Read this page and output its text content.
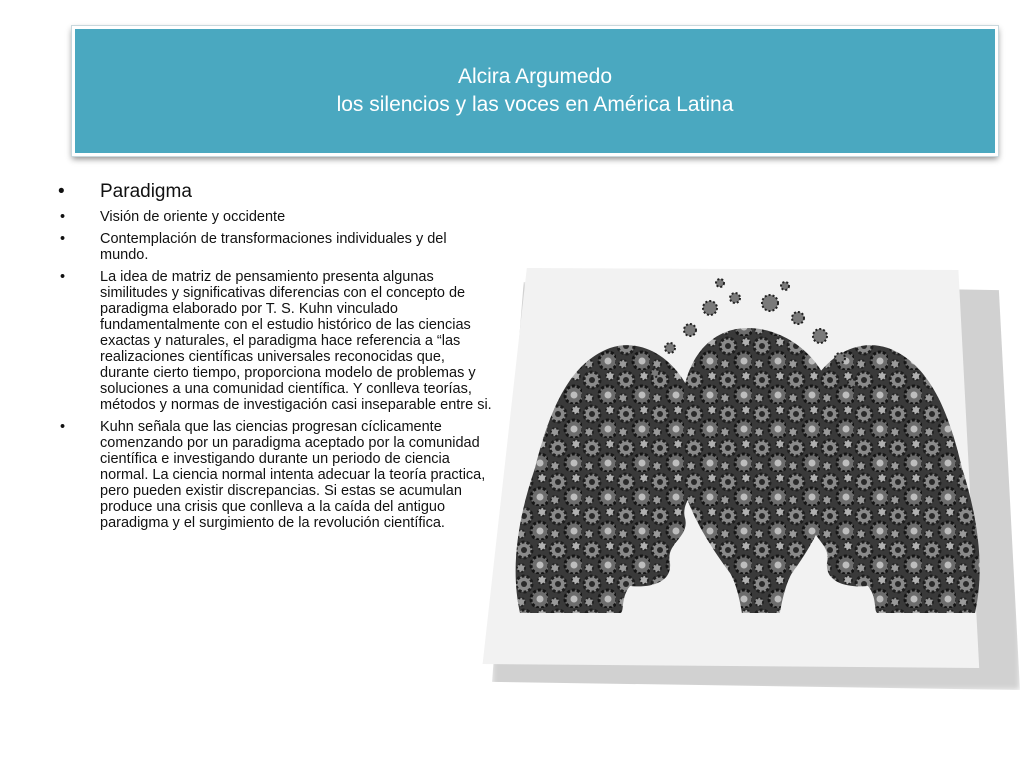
Alcira Argumedo
los silencios y las voces en América Latina
•	Paradigma
•	Visión de oriente y occidente
•	Contemplación de transformaciones individuales y del mundo.
•	La idea de matriz de pensamiento presenta algunas similitudes y significativas diferencias con el concepto de paradigma elaborado por T. S. Kuhn vinculado fundamentalmente con el estudio histórico de las ciencias exactas y naturales, el paradigma hace referencia a “las realizaciones científicas universales reconocidas que, durante cierto tiempo, proporciona modelo de problemas y soluciones a una comunidad científica. Y conlleva teorías, métodos y normas de investigación casi inseparable entre si.
•	Kuhn señala que las ciencias progresan cíclicamente comenzando por un paradigma aceptado por la comunidad científica e investigando durante un periodo de ciencia normal. La ciencia normal intenta adecuar la teoría practica, pero pueden existir discrepancias. Si estas se acumulan produce una crisis que conlleva a la caída del antiguo paradigma y el surgimiento de la revolución científica.
